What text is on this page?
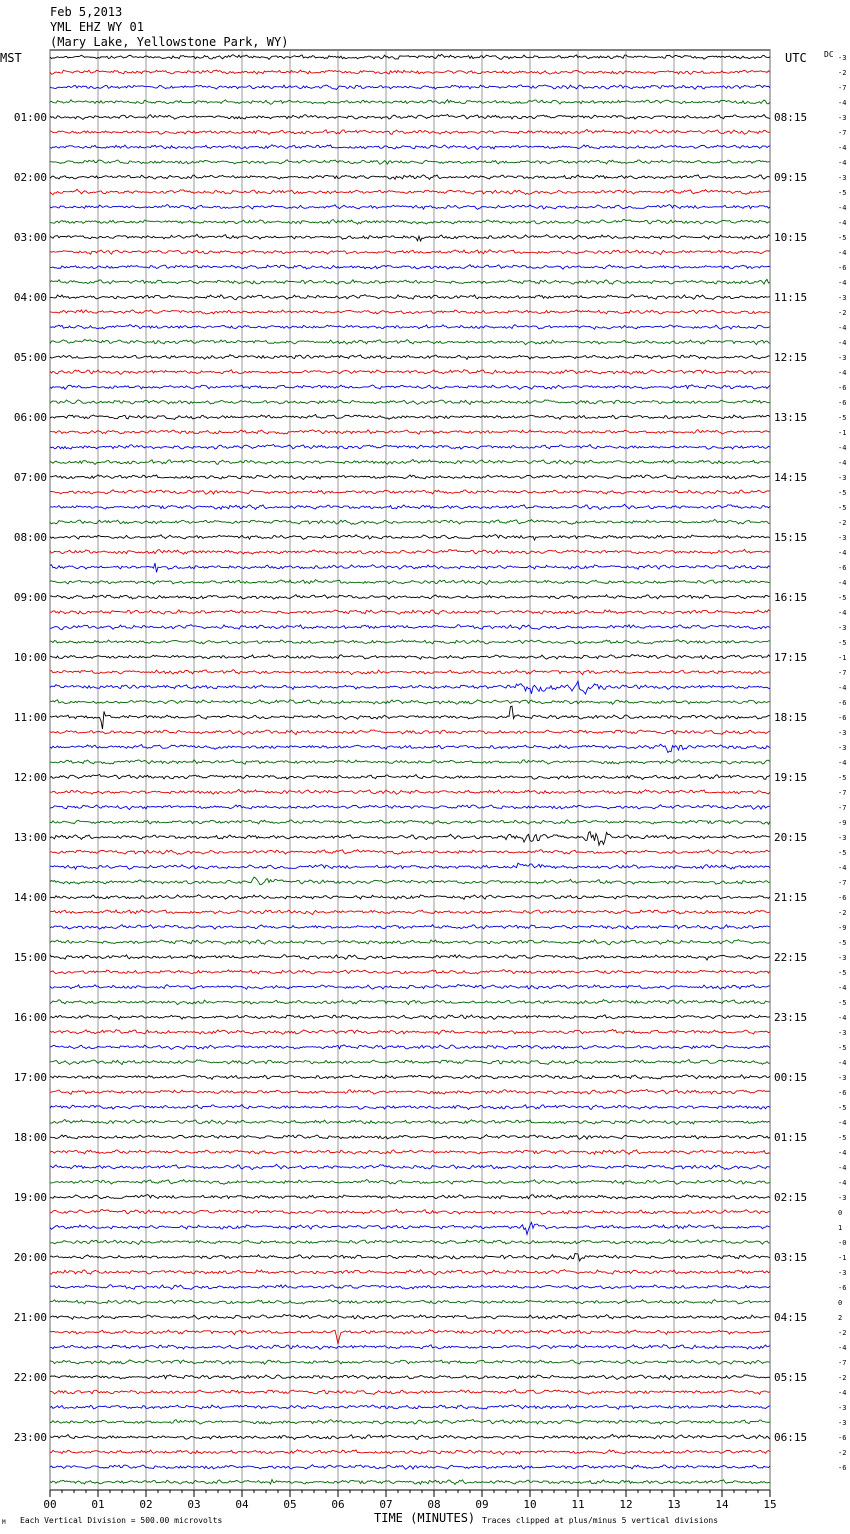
Feb 5,2013
YML EHZ WY 01
(Mary Lake, Yellowstone Park, WY)
MST	UTC DC
TIME (MINUTES)
Each Vertical Division = 500.00 microvolts	Traces clipped at plus/minus 5 vertical divisions
M
00	01	02	03	04	05	06	07	08	09	10	11	12	13	14	15
-3
-2
-7
-4
-3
01:00	08:15
-7
-4
-4
-3
02:00	09:15
-5
-4
-4
-5
03:00	10:15
-4
-6
-4
-3
04:00	11:15
-2
-4
-4
-3
05:00	12:15
-4
-6
-6
-5
06:00	13:15
-1
-4
-4
-3
07:00	14:15
-5
-5
-2
-3
08:00	15:15
-4
-6
-4
-5
09:00	16:15
-4
-3
-5
-1
10:00	17:15
-7
-4
-6
-6
11:00	18:15
-3
-3
-4
-5
12:00	19:15
-7
-7
-9
-3
13:00	20:15
-5
-4
-7
-6
14:00	21:15
-2
-9
-5
-3
15:00	22:15
-5
-4
-5
-4
16:00	23:15
-3
-5
-4
-3
17:00	00:15
-6
-5
-4
-5
18:00	01:15
-4
-4
-4
-3
19:00	02:15
0
1
-0
-1
20:00	03:15
-3
-6
0
2
21:00	04:15
-2
-4
-7
-2
22:00	05:15
-4
-3
-3
-6
23:00	06:15
-2
-6
